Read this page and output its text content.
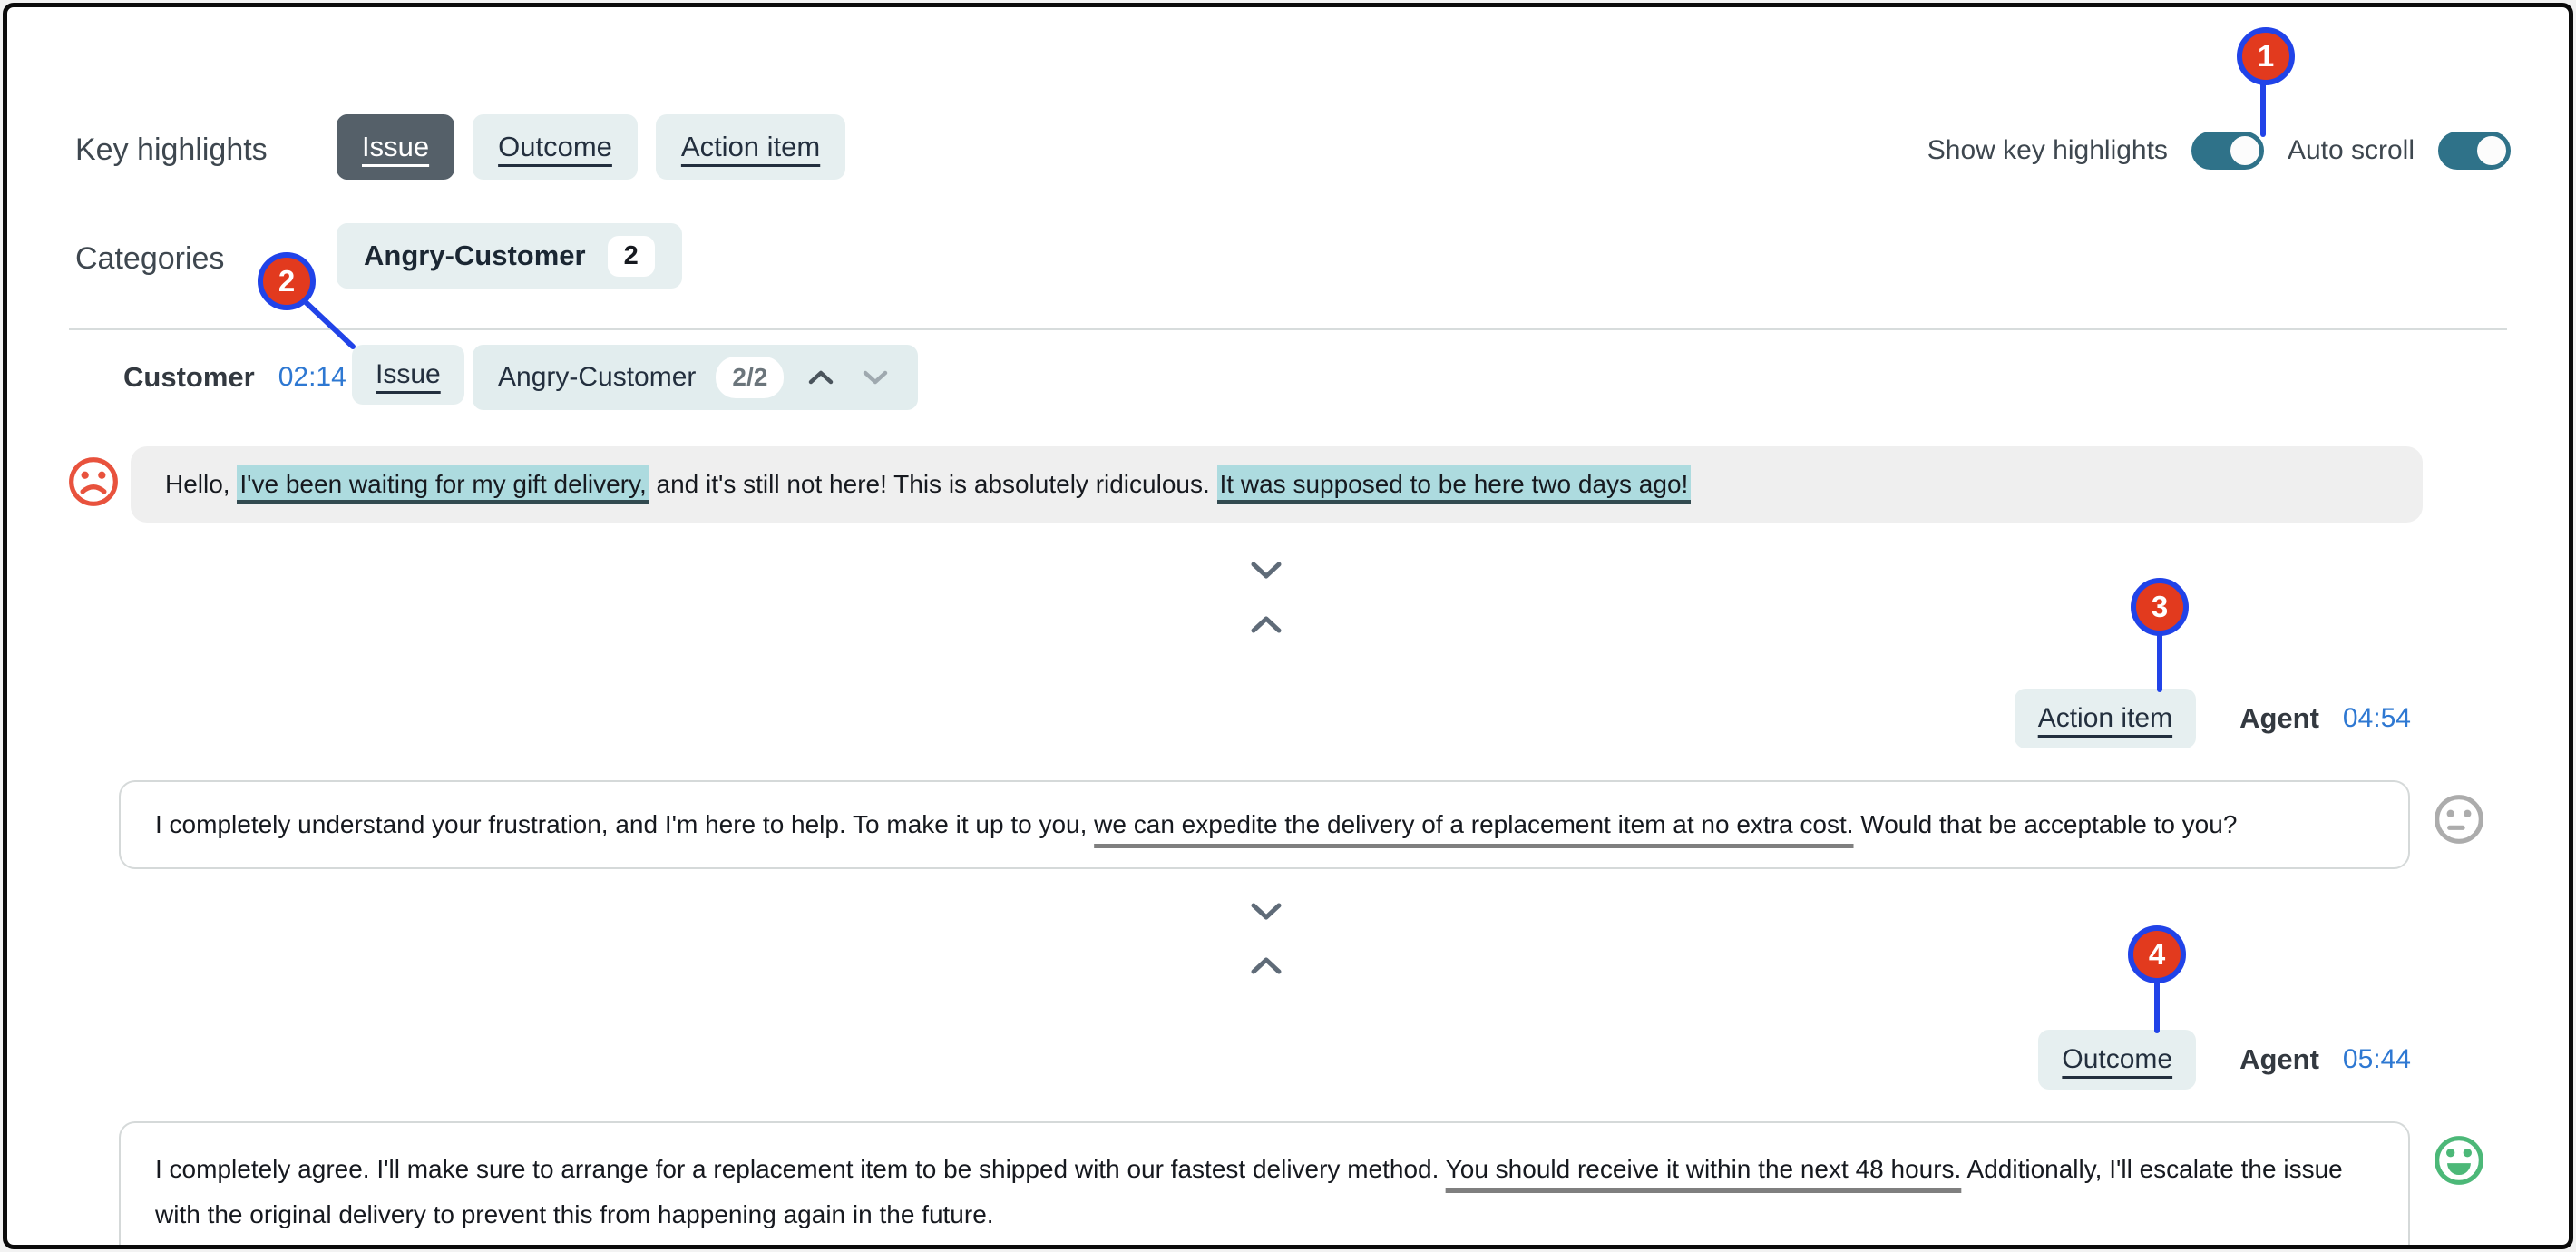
Key highlights	Issue Outcome Action item	Show key highlights	Auto scroll
Categories	Angry-Customer	2
Customer 02:14 Issue Angry-Customer	2/2
Hello, I've been waiting for my gift delivery, and it's still not here! This is absolutely ridiculous. It was supposed to be here two days ago!
Action item Agent 04:54
I completely understand your frustration, and I'm here to help. To make it up to you, we can expedite the delivery of a replacement item at no extra cost. Would that be acceptable to you?
Outcome Agent 05:44
I completely agree. I'll make sure to arrange for a replacement item to be shipped with our fastest delivery method. You should receive it within the next 48 hours. Additionally, I'll escalate the issue with the original delivery to prevent this from happening again in the future.
1
2
3
4
